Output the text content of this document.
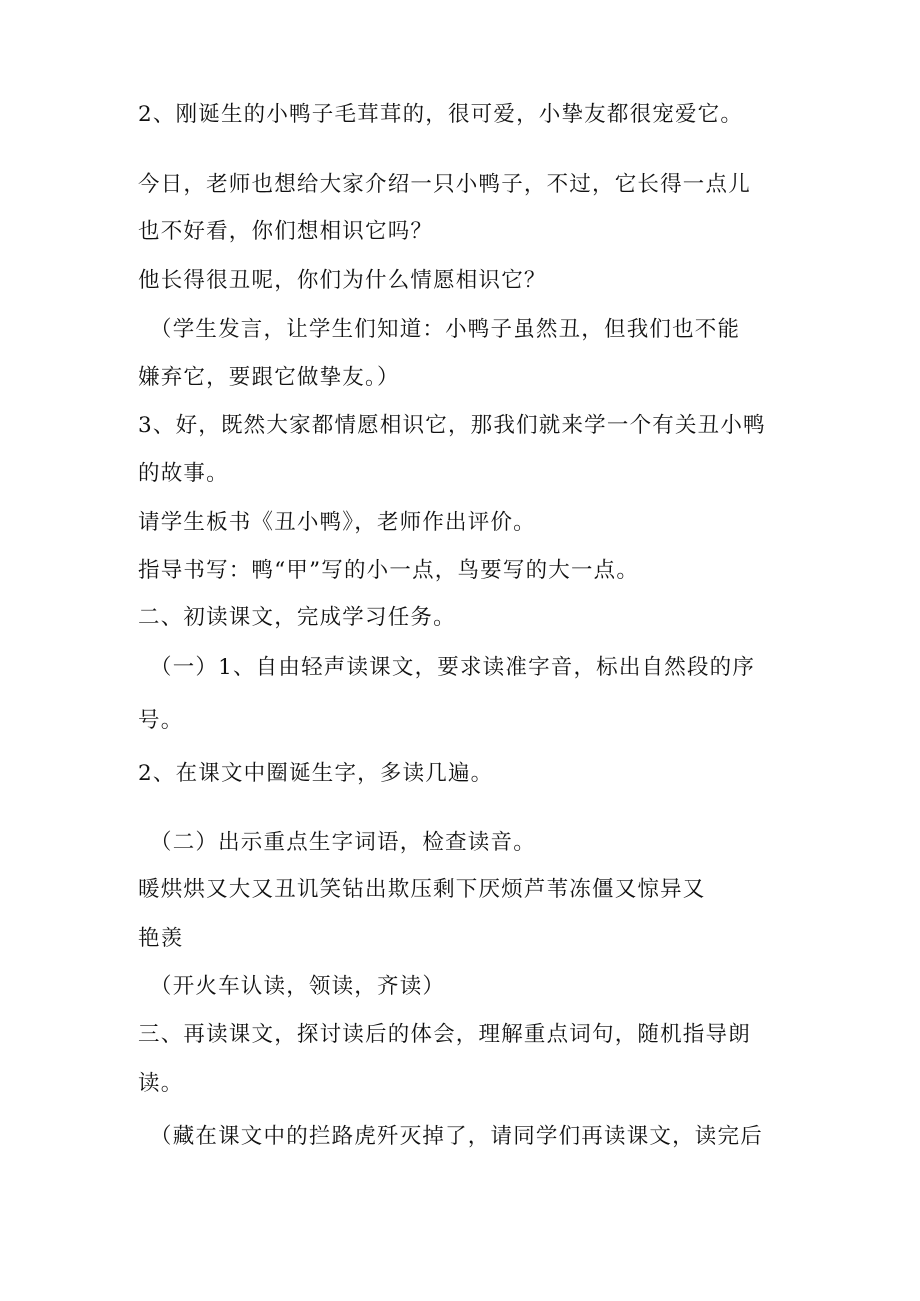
2、刚诞生的小鸭子毛茸茸的，很可爱，小挚友都很宠爱它。
今日，老师也想给大家介绍一只小鸭子，不过，它长得一点儿
也不好看，你们想相识它吗？
他长得很丑呢，你们为什么情愿相识它？
（学生发言，让学生们知道：小鸭子虽然丑，但我们也不能
嫌弃它，要跟它做挚友。）
3、好，既然大家都情愿相识它，那我们就来学一个有关丑小鸭
的故事。
请学生板书《丑小鸭》，老师作出评价。
指导书写：鸭“甲”写的小一点，鸟要写的大一点。
二、初读课文，完成学习任务。
（一）1、自由轻声读课文，要求读准字音，标出自然段的序
号。
2、在课文中圈诞生字，多读几遍。
（二）出示重点生字词语，检查读音。
暖烘烘又大又丑讥笑钻出欺压剩下厌烦芦苇冻僵又惊异又
艳羡
（开火车认读，领读，齐读）
三、再读课文，探讨读后的体会，理解重点词句，随机指导朗
读。
（藏在课文中的拦路虎歼灭掉了，请同学们再读课文，读完后
